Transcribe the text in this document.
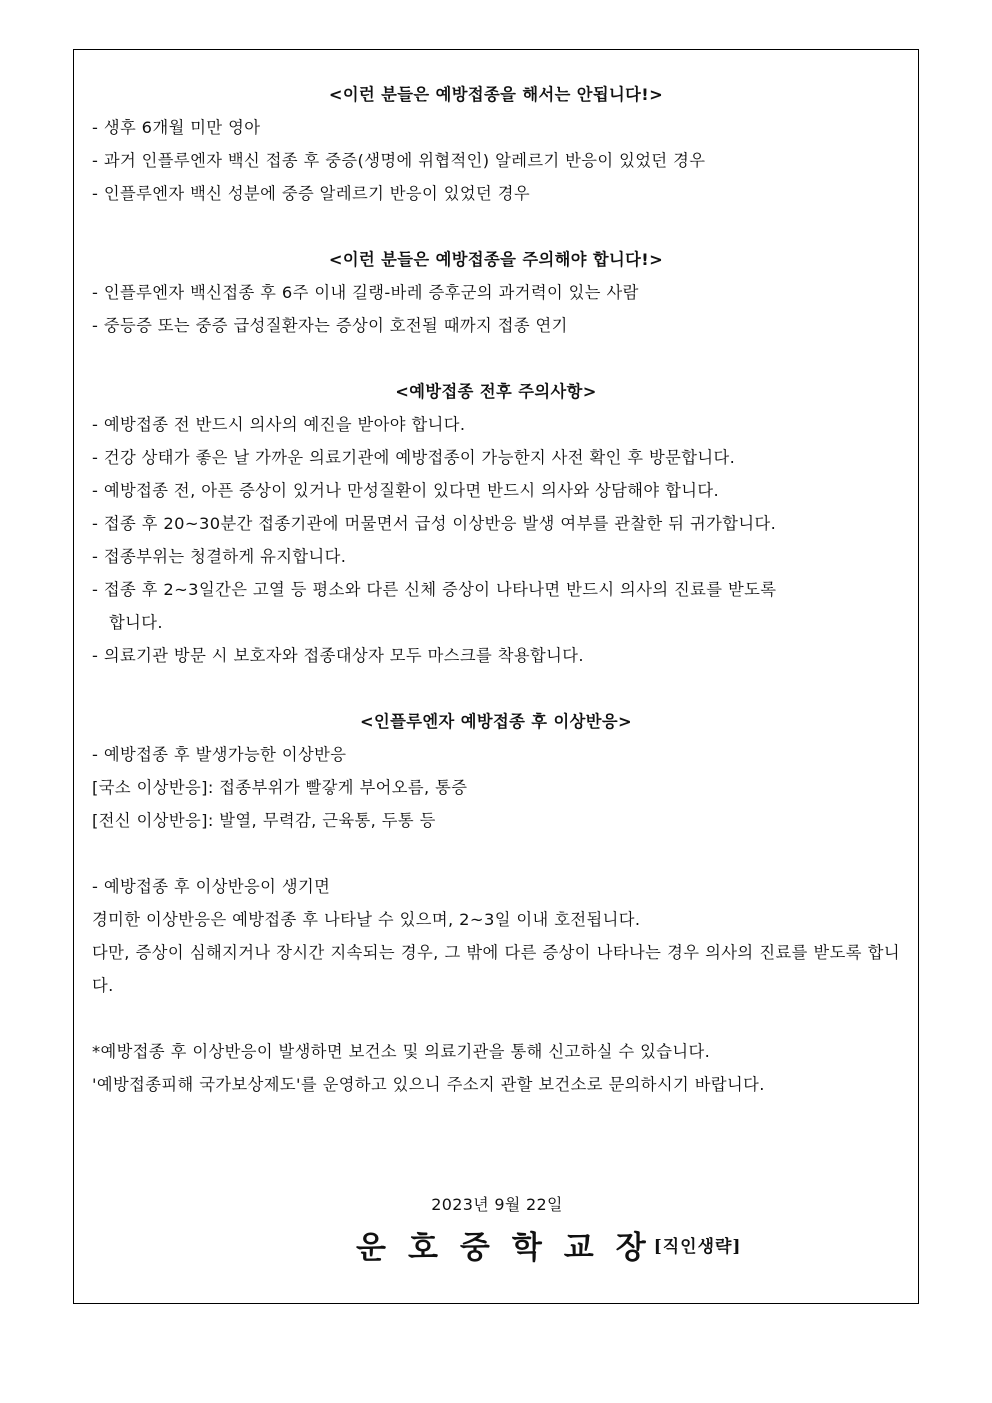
<이런 분들은 예방접종을 해서는 안됩니다!>
- 생후 6개월 미만 영아
- 과거 인플루엔자 백신 접종 후 중증(생명에 위협적인) 알레르기 반응이 있었던 경우
- 인플루엔자 백신 성분에 중증 알레르기 반응이 있었던 경우
<이런 분들은 예방접종을 주의해야 합니다!>
- 인플루엔자 백신접종 후 6주 이내 길랭-바레 증후군의 과거력이 있는 사람
- 중등증 또는 중증 급성질환자는 증상이 호전될 때까지 접종 연기
<예방접종 전후 주의사항>
- 예방접종 전 반드시 의사의 예진을 받아야 합니다.
- 건강 상태가 좋은 날 가까운 의료기관에 예방접종이 가능한지 사전 확인 후 방문합니다.
- 예방접종 전, 아픈 증상이 있거나 만성질환이 있다면 반드시 의사와 상담해야 합니다.
- 접종 후 20~30분간 접종기관에 머물면서 급성 이상반응 발생 여부를 관찰한 뒤 귀가합니다.
- 접종부위는 청결하게 유지합니다.
- 접종 후 2~3일간은 고열 등 평소와 다른 신체 증상이 나타나면 반드시 의사의 진료를 받도록
합니다.
- 의료기관 방문 시 보호자와 접종대상자 모두 마스크를 착용합니다.
<인플루엔자 예방접종 후 이상반응>
- 예방접종 후 발생가능한 이상반응
[국소 이상반응]: 접종부위가 빨갛게 부어오름, 통증
[전신 이상반응]: 발열, 무력감, 근육통, 두통 등
- 예방접종 후 이상반응이 생기면
경미한 이상반응은 예방접종 후 나타날 수 있으며, 2~3일 이내 호전됩니다.
다만, 증상이 심해지거나 장시간 지속되는 경우, 그 밖에 다른 증상이 나타나는 경우 의사의 진료를 받도록 합니다.
*예방접종 후 이상반응이 발생하면 보건소 및 의료기관을 통해 신고하실 수 있습니다.
'예방접종피해 국가보상제도'를 운영하고 있으니 주소지 관할 보건소로 문의하시기 바랍니다.
2023년 9월 22일
운호중학교장
[직인생략]
